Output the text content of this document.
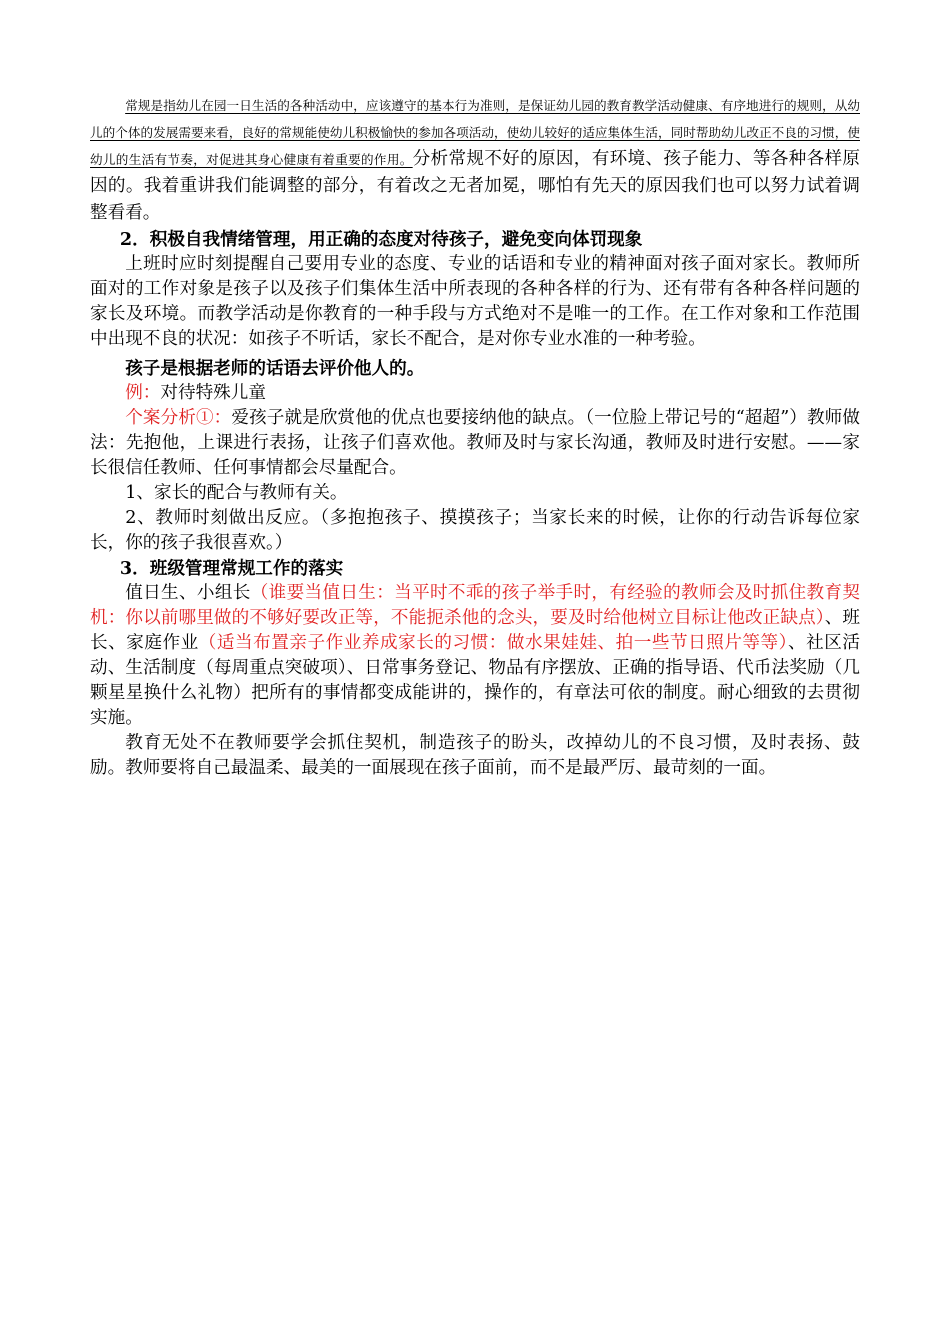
常规是指幼儿在园一日生活的各种活动中，应该遵守的基本行为准则，是保证幼儿园的教育教学活动健康、有序地进行的规则，从幼儿的个体的发展需要来看，良好的常规能使幼儿积极愉快的参加各项活动，使幼儿较好的适应集体生活，同时帮助幼儿改正不良的习惯，使幼儿的生活有节奏，对促进其身心健康有着重要的作用。分析常规不好的原因，有环境、孩子能力、等各种各样原因的。我着重讲我们能调整的部分，有着改之无者加冕，哪怕有先天的原因我们也可以努力试着调整看看。

2．积极自我情绪管理，用正确的态度对待孩子，避免变向体罚现象

上班时应时刻提醒自己要用专业的态度、专业的话语和专业的精神面对孩子面对家长。教师所面对的工作对象是孩子以及孩子们集体生活中所表现的各种各样的行为、还有带有各种各样问题的家长及环境。而教学活动是你教育的一种手段与方式绝对不是唯一的工作。在工作对象和工作范围中出现不良的状况：如孩子不听话，家长不配合，是对你专业水准的一种考验。

孩子是根据老师的话语去评价他人的。

例：对待特殊儿童

个案分析①：爱孩子就是欣赏他的优点也要接纳他的缺点。（一位脸上带记号的“超超”）教师做法：先抱他，上课进行表扬，让孩子们喜欢他。教师及时与家长沟通，教师及时进行安慰。——家长很信任教师、任何事情都会尽量配合。

1、家长的配合与教师有关。

2、教师时刻做出反应。（多抱抱孩子、摸摸孩子；当家长来的时候，让你的行动告诉每位家长，你的孩子我很喜欢。）

3．班级管理常规工作的落实

值日生、小组长（谁要当值日生：当平时不乖的孩子举手时，有经验的教师会及时抓住教育契机：你以前哪里做的不够好要改正等，不能扼杀他的念头，要及时给他树立目标让他改正缺点）、班长、家庭作业（适当布置亲子作业养成家长的习惯：做水果娃娃、拍一些节日照片等等）、社区活动、生活制度（每周重点突破项）、日常事务登记、物品有序摆放、正确的指导语、代币法奖励（几颗星星换什么礼物）把所有的事情都变成能讲的，操作的，有章法可依的制度。耐心细致的去贯彻实施。

教育无处不在教师要学会抓住契机，制造孩子的盼头，改掉幼儿的不良习惯，及时表扬、鼓励。教师要将自己最温柔、最美的一面展现在孩子面前，而不是最严厉、最苛刻的一面。
